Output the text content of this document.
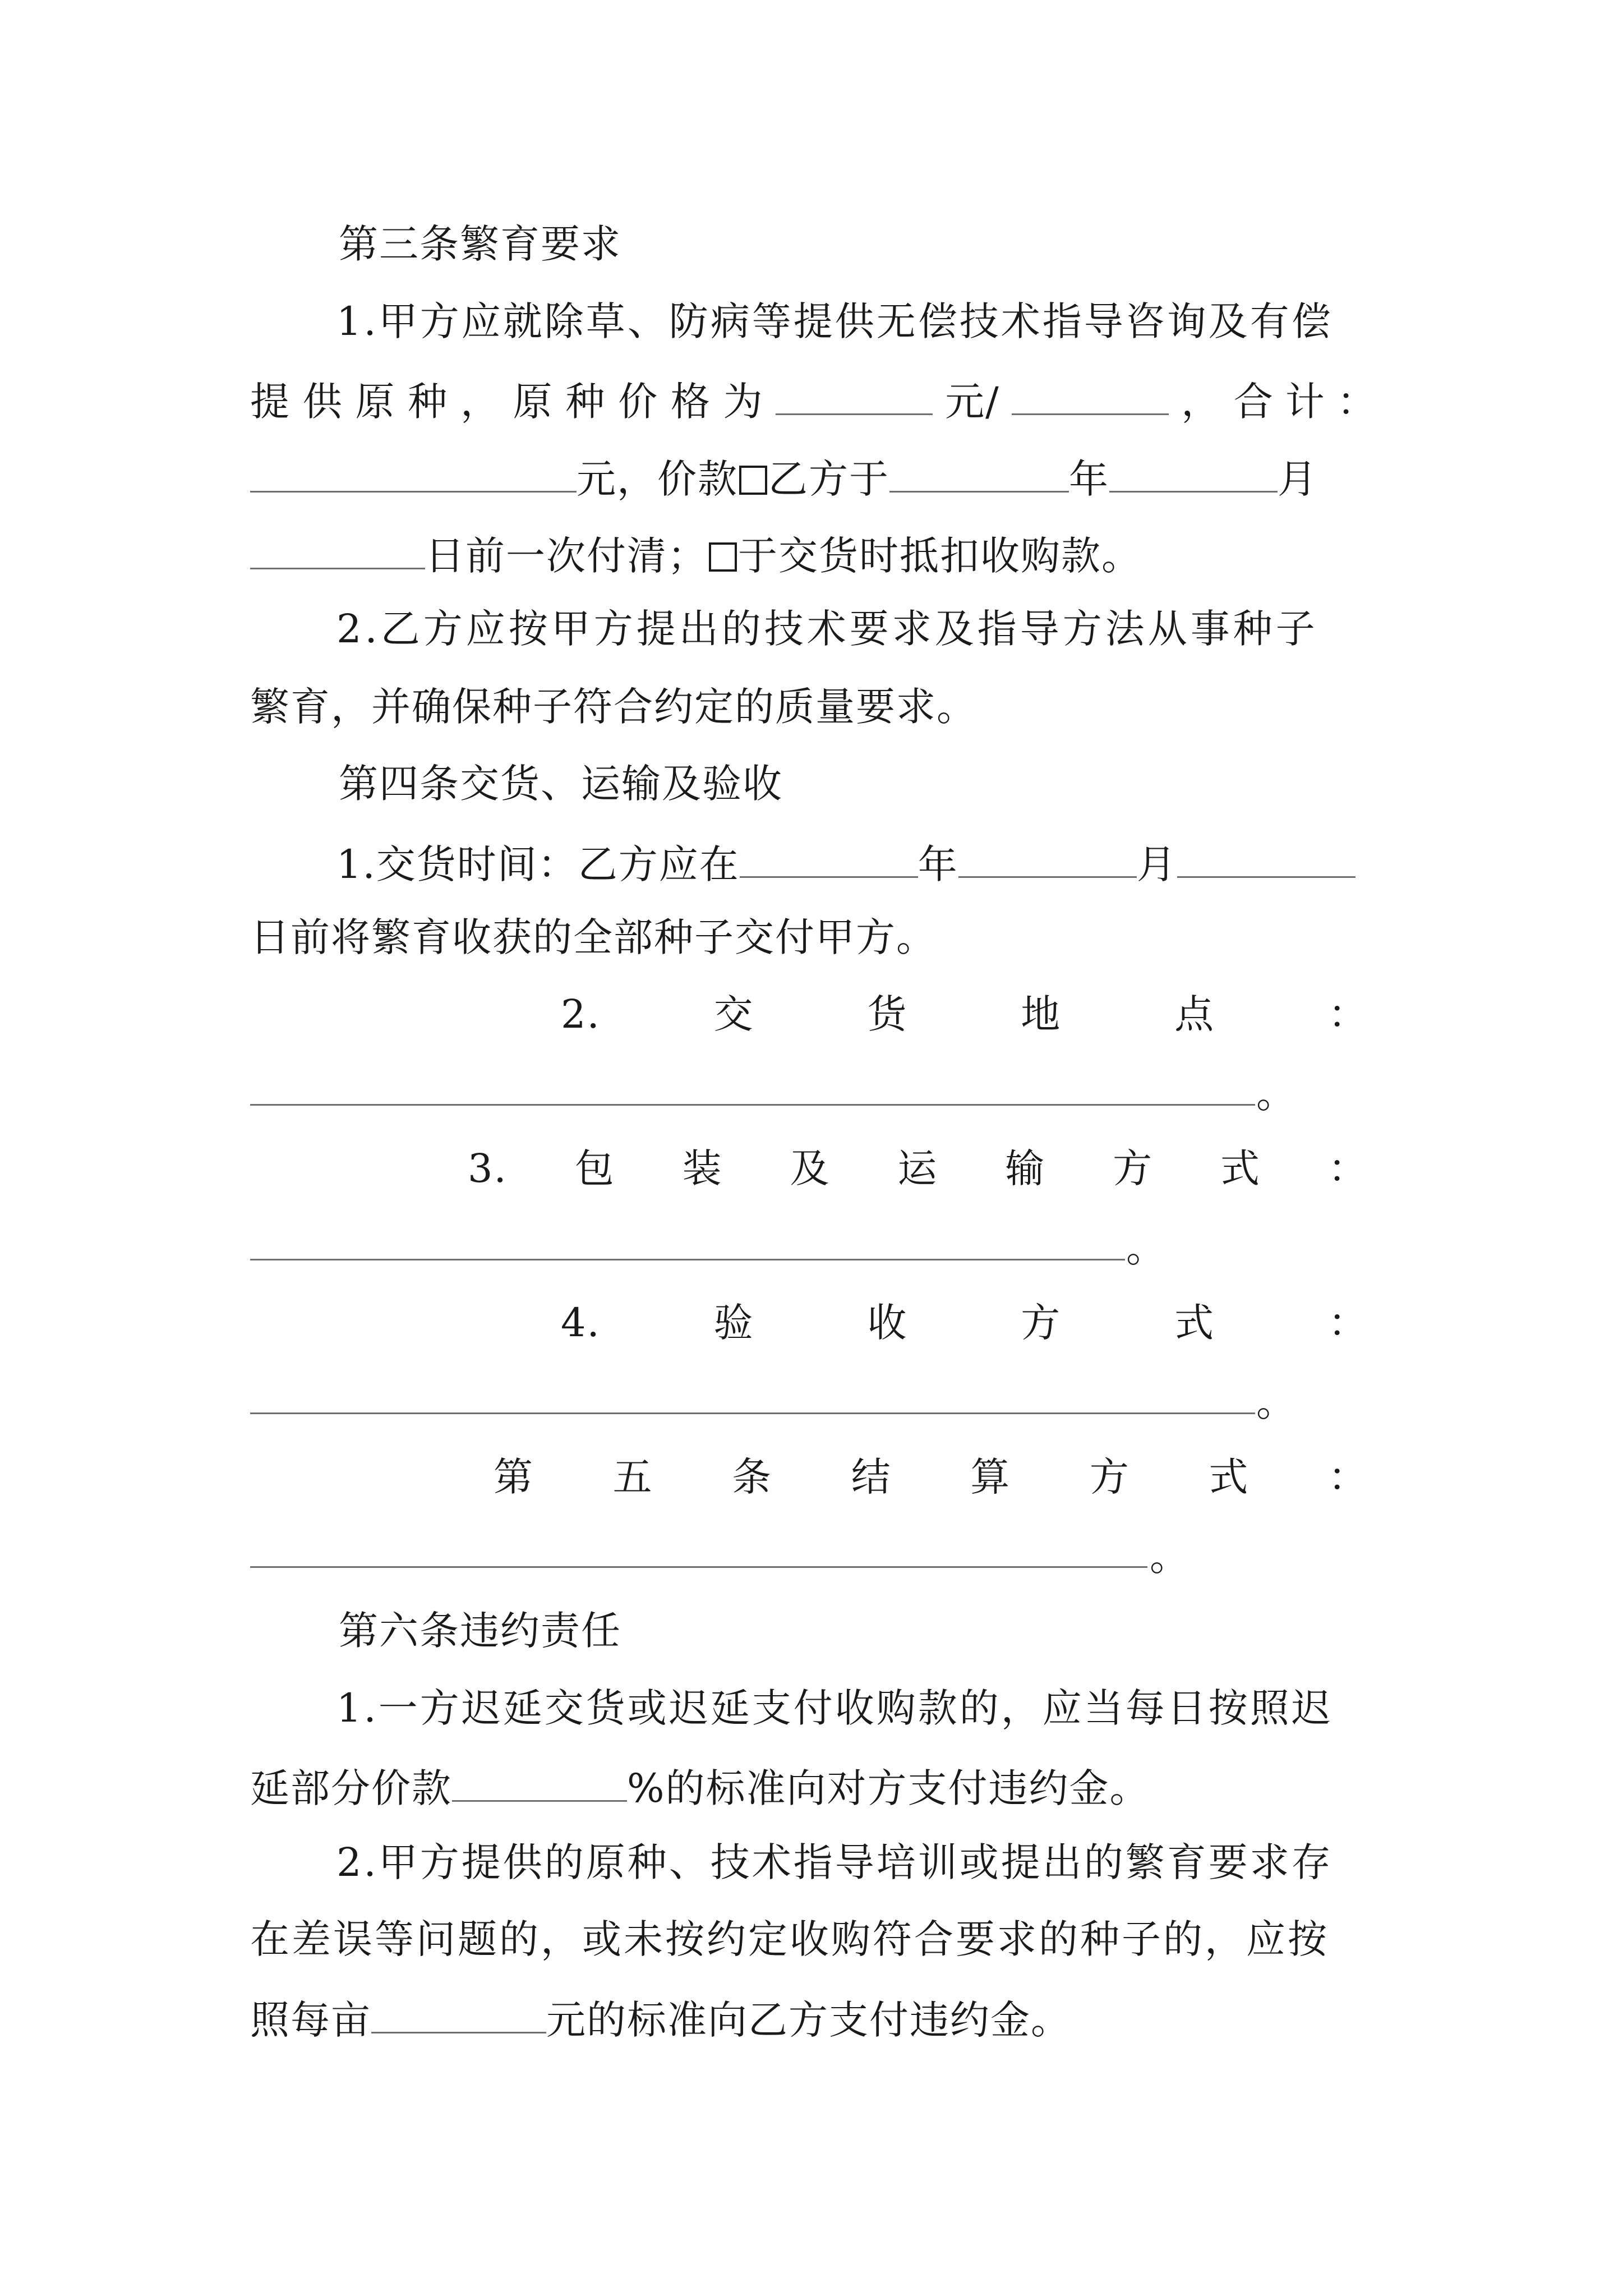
第三条繁育要求
1.甲方应就除草、防病等提供无偿技术指导咨询及有偿
提 供 原 种 ， 原 种 价 格 为	元/	， 合计：
元，价款 乙方于	年	月
日前一次付清； 于交货时抵扣收购款。
2.乙方应按甲方提出的技术要求及指导方法从事种子
繁育，并确保种子符合约定的质量要求。
第四条交货、运输及验收
1.交货时间：乙方应在	年	月
日前将繁育收获的全部种子交付甲方。
2.	交	货	地	点	：
。
3. 包 装 及 运 输 方 式 ：
。
4.	验	收	方	式	：
。
第 五 条 结 算 方 式 ：
。
第六条违约责任
1.一方迟延交货或迟延支付收购款的，应当每日按照迟
延部分价款	%的标准向对方支付违约金。
2.甲方提供的原种、技术指导培训或提出的繁育要求存
在差误等问题的，或未按约定收购符合要求的种子的，应按
照每亩	元的标准向乙方支付违约金。
